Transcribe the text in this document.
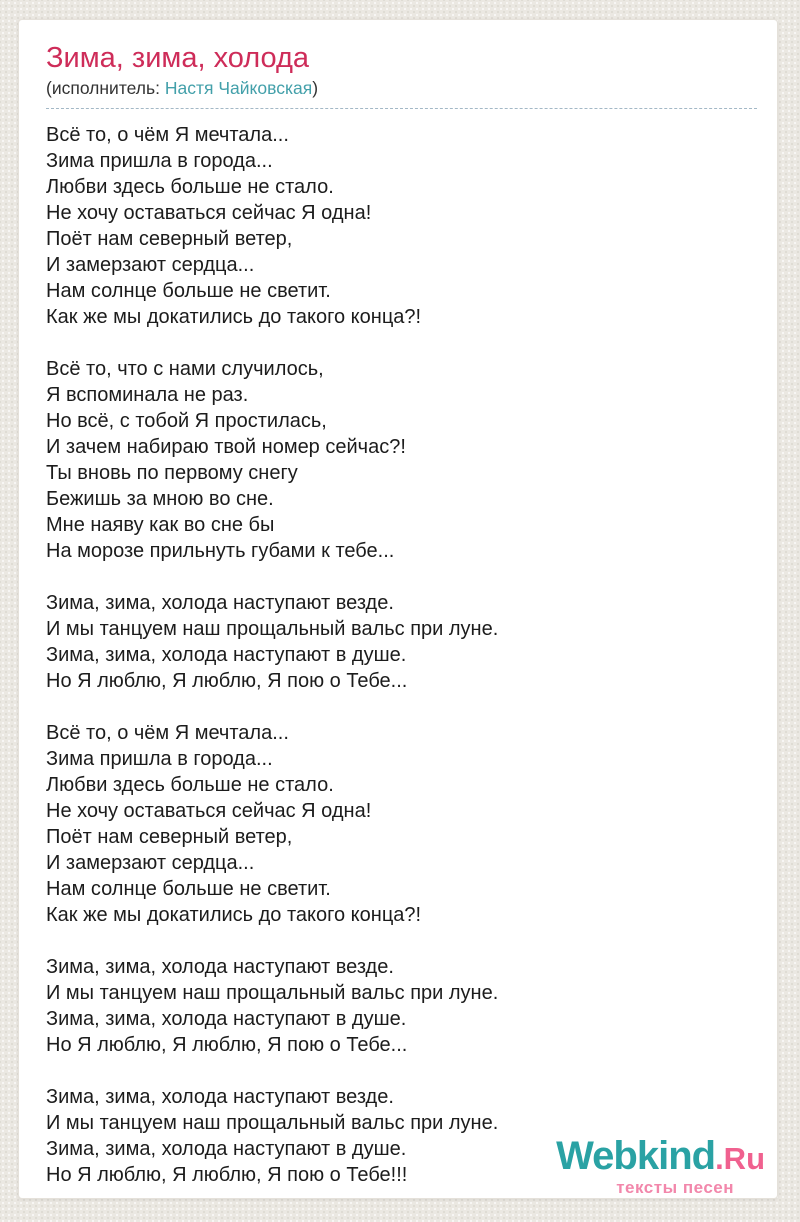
Зима, зима, холода

(исполнитель: Настя Чайковская)

Всё то, о чём Я мечтала...
Зима пришла в города...
Любви здесь больше не стало.
Не хочу оставаться сейчас Я одна!
Поёт нам северный ветер,
И замерзают сердца...
Нам солнце больше не светит.
Как же мы докатились до такого конца?!
Всё то, что с нами случилось,
Я вспоминала не раз.
Но всё, с тобой Я простилась,
И зачем набираю твой номер сейчас?!
Ты вновь по первому снегу
Бежишь за мною во сне.
Мне наяву как во сне бы
На морозе прильнуть губами к тебе...
Зима, зима, холода наступают везде.
И мы танцуем наш прощальный вальс при луне.
Зима, зима, холода наступают в душе.
Но Я люблю, Я люблю, Я пою о Тебе...
Всё то, о чём Я мечтала...
Зима пришла в города...
Любви здесь больше не стало.
Не хочу оставаться сейчас Я одна!
Поёт нам северный ветер,
И замерзают сердца...
Нам солнце больше не светит.
Как же мы докатились до такого конца?!
Зима, зима, холода наступают везде.
И мы танцуем наш прощальный вальс при луне.
Зима, зима, холода наступают в душе.
Но Я люблю, Я люблю, Я пою о Тебе...
Зима, зима, холода наступают везде.
И мы танцуем наш прощальный вальс при луне.
Зима, зима, холода наступают в душе.
Но Я люблю, Я люблю, Я пою о Тебе!!!	Webkind.Ru
тексты песен
